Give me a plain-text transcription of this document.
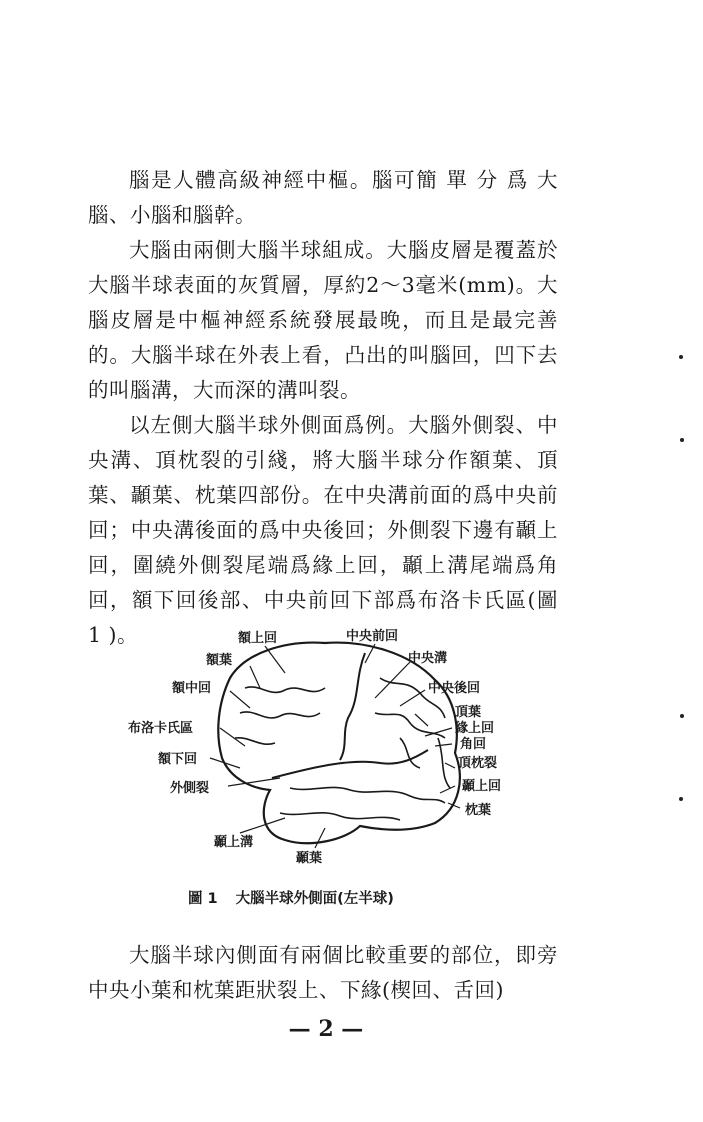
腦是人體高級神經中樞。腦可簡 單 分 爲 大腦、小腦和腦幹。

大腦由兩側大腦半球組成。大腦皮層是覆蓋於大腦半球表面的灰質層，厚約2～3毫米(mm)。大腦皮層是中樞神經系統發展最晚，而且是最完善的。大腦半球在外表上看，凸出的叫腦回，凹下去的叫腦溝，大而深的溝叫裂。

以左側大腦半球外側面爲例。大腦外側裂、中央溝、頂枕裂的引綫，將大腦半球分作額葉、頂葉、顳葉、枕葉四部份。在中央溝前面的爲中央前回；中央溝後面的爲中央後回；外側裂下邊有顳上回，圍繞外側裂尾端爲緣上回，顳上溝尾端爲角回，額下回後部、中央前回下部爲布洛卡氏區(圖 1 )。	額上回	中央前回
額葉	中央溝
額中回	中央後回
頂葉
布洛卡氏區	緣上回
角回
額下回	頂枕裂
外側裂	顳上回
枕葉
顳上溝
顳葉
圖 1 大腦半球外側面(左半球)

大腦半球內側面有兩個比較重要的部位，即旁中央小葉和枕葉距狀裂上、下緣(楔回、舌回)

— 2 —
